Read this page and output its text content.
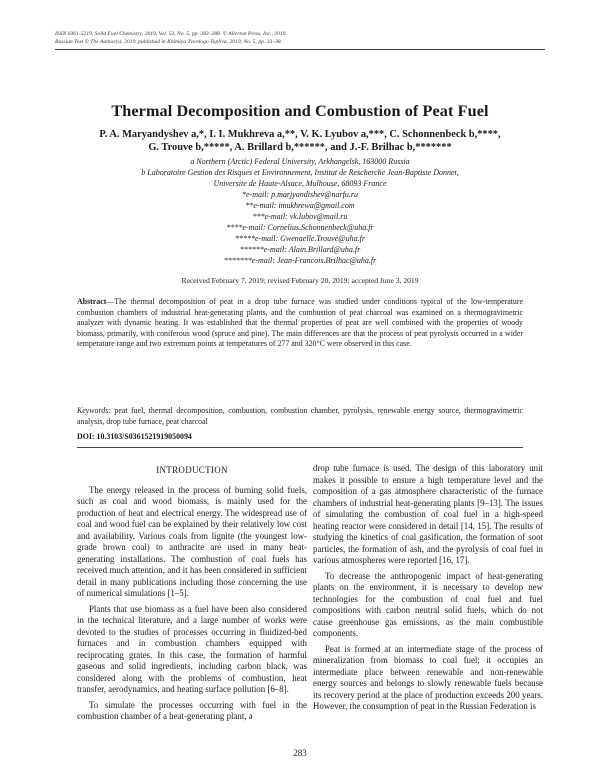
ISSN 0361-5219, Solid Fuel Chemistry, 2019, Vol. 53, No. 5, pp. 283–288. © Allerton Press, Inc., 2019.
Russian Text © The Author(s), 2019, published in Khimiya Tverdogo Topliva, 2019, No. 5, pp. 33–38.
Thermal Decomposition and Combustion of Peat Fuel
P. A. Maryandyshev a,*, I. I. Mukhreva a,**, V. K. Lyubov a,***, C. Schonnenbeck b,****,
G. Trouve b,*****, A. Brillard b,******, and J.-F. Brilhac b,*******

a Northern (Arctic) Federal University, Arkhangelsk, 163000 Russia

b Laboratoire Gestion des Risques et Environnement, Institut de Rescherche Jean-Baptiste Donnet,

Universite de Haute-Alsace, Mulhouse, 68093 France

*e-mail: p.marjyandishev@narfu.ru

**e-mail: imukhrewa@gmail.com

***e-mail: vk.lubov@mail.ru

****e-mail: Cornelius.Schonnenbeck@uha.fr

*****e-mail: Gwenaelle.Trouve@uha.fr

******e-mail: Alain.Brillard@uha.fr

*******e-mail: Jean-Francois.Brilhac@uha.fr

Received February 7, 2019; revised February 20, 2019; accepted June 3, 2019
Abstract—The thermal decomposition of peat in a drop tube furnace was studied under conditions typical of the low-temperature combustion chambers of industrial heat-generating plants, and the combustion of peat charcoal was examined on a thermogravimetric analyzer with dynamic heating. It was established that the thermal properties of peat are well combined with the properties of woody biomass, primarily, with coniferous wood (spruce and pine). The main differences are that the process of peat pyrolysis occurred in a wider temperature range and two extremum points at temperatures of 277 and 320°C were observed in this case.
Keywords: peat fuel, thermal decomposition, combustion, combustion chamber, pyrolysis, renewable energy source, thermogravimetric analysis, drop tube furnace, peat charcoal
DOI: 10.3103/S0361521919050094
INTRODUCTION

The energy released in the process of burning solid fuels, such as coal and wood biomass, is mainly used for the production of heat and electrical energy. The widespread use of coal and wood fuel can be explained by their relatively low cost and availability. Various coals from lignite (the youngest low-grade brown coal) to anthracite are used in many heat-generating installations. The combustion of coal fuels has received much attention, and it has been considered in sufficient detail in many publications including those concerning the use of numerical simulations [1–5].

Plants that use biomass as a fuel have been also considered in the technical literature, and a large number of works were devoted to the studies of processes occurring in fluidized-bed furnaces and in combustion chambers equipped with reciprocating grates. In this case, the formation of harmful gaseous and solid ingredients, including carbon black, was considered along with the problems of combustion, heat transfer, aerodynamics, and heating surface pollution [6–8].

To simulate the processes occurring with fuel in the combustion chamber of a heat-generating plant, a

drop tube furnace is used. The design of this laboratory unit makes it possible to ensure a high temperature level and the composition of a gas atmosphere characteristic of the furnace chambers of industrial heat-generating plants [9–13]. The issues of simulating the combustion of coal fuel in a high-speed heating reactor were considered in detail [14, 15]. The results of studying the kinetics of coal gasification, the formation of soot particles, the formation of ash, and the pyrolysis of coal fuel in various atmospheres were reported [16, 17].

To decrease the anthropogenic impact of heat-generating plants on the environment, it is necessary to develop new technologies for the combustion of coal fuel and fuel compositions with carbon neutral solid fuels, which do not cause greenhouse gas emissions, as the main combustible components.

Peat is formed at an intermediate stage of the process of mineralization from biomass to coal fuel; it occupies an intermediate place between renewable and non-renewable energy sources and belongs to slowly renewable fuels because its recovery period at the place of production exceeds 200 years. However, the consumption of peat in the Russian Federation is

283
